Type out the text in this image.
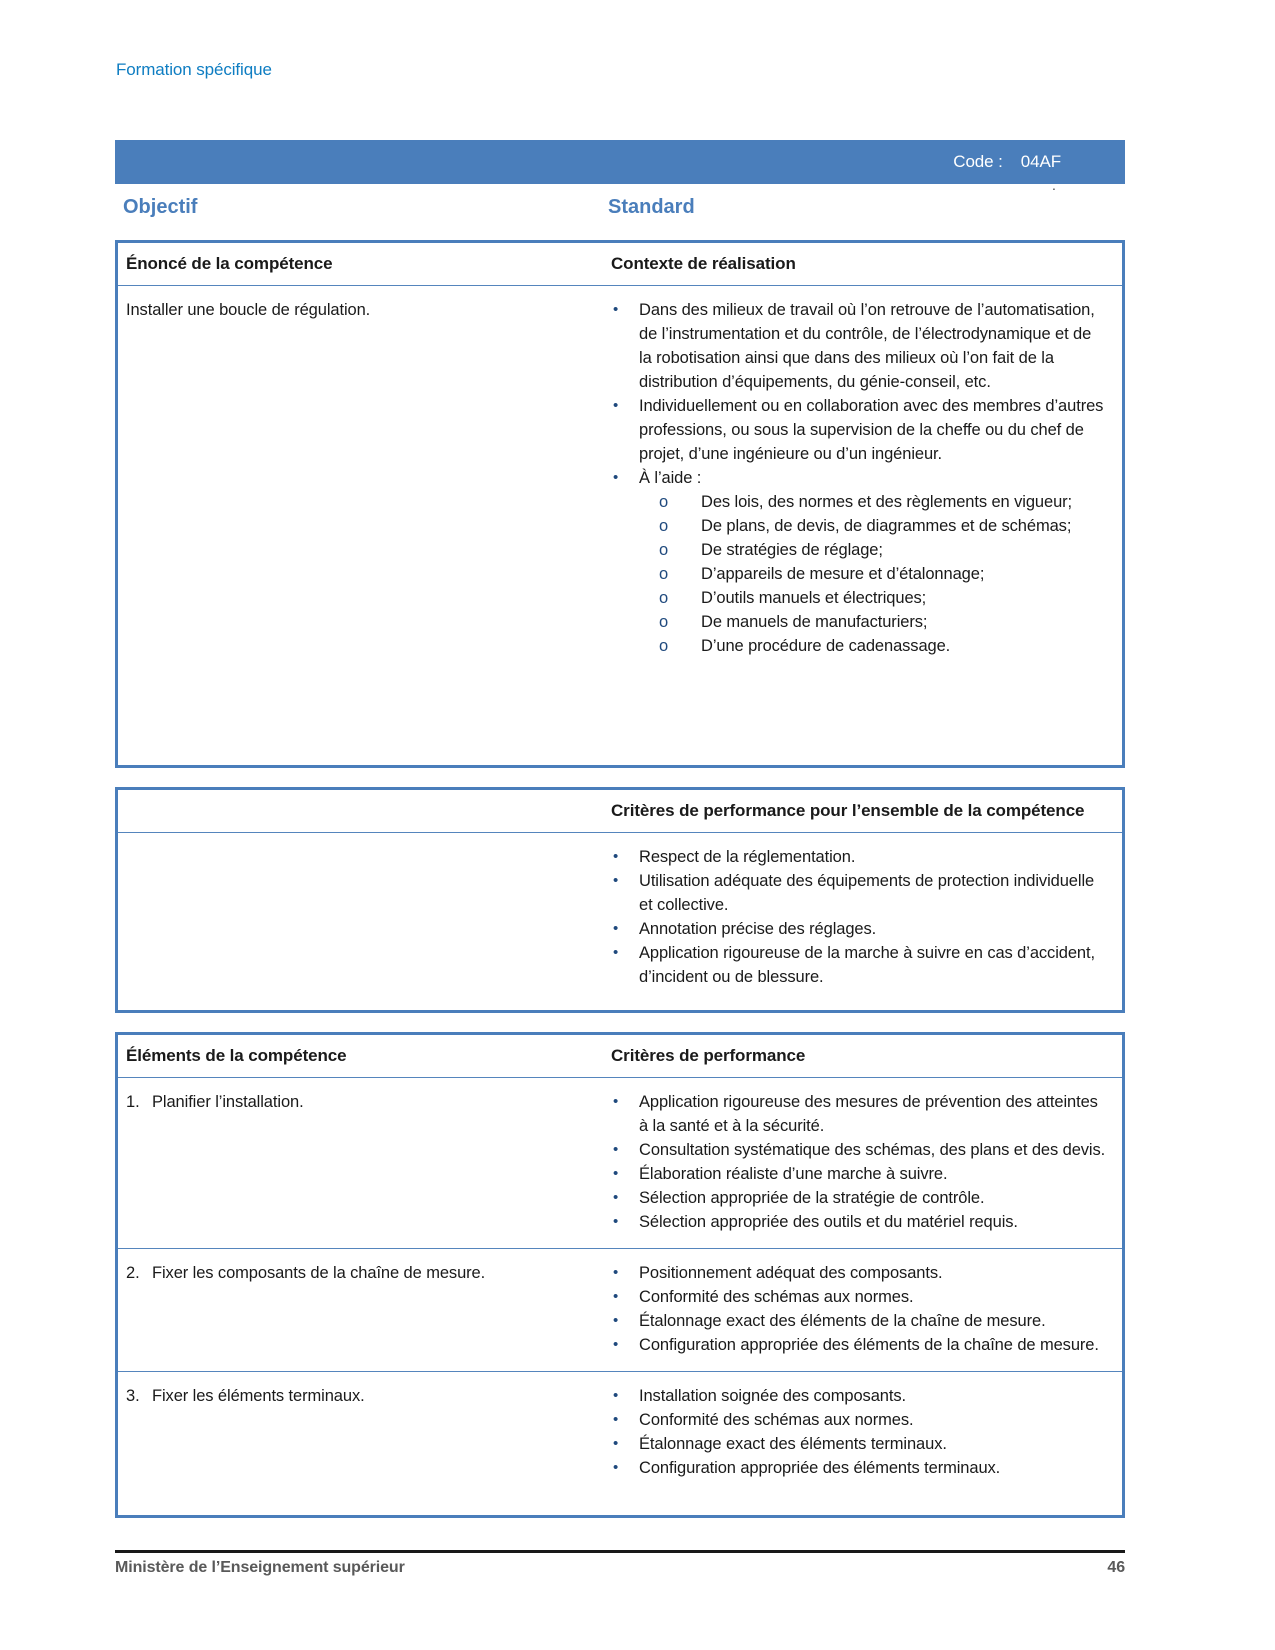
Formation spécifique
Code : 04AF
.
Objectif	Standard
Énoncé de la compétence	Contexte de réalisation
Installer une boucle de régulation.	•	Dans des milieux de travail où l’on retrouve de l’automatisation, de l’instrumentation et du contrôle, de l’électrodynamique et de la robotisation ainsi que dans des milieux où l’on fait de la distribution d’équipements, du génie-conseil, etc.
•	Individuellement ou en collaboration avec des membres d’autres professions, ou sous la supervision de la cheffe ou du chef de projet, d’une ingénieure ou d’un ingénieur.
•	À l’aide :
o	Des lois, des normes et des règlements en vigueur;
o	De plans, de devis, de diagrammes et de schémas;
o	De stratégies de réglage;
o	D’appareils de mesure et d’étalonnage;
o	D’outils manuels et électriques;
o	De manuels de manufacturiers;
o	D’une procédure de cadenassage.
Critères de performance pour l’ensemble de la compétence
•	Respect de la réglementation.
•	Utilisation adéquate des équipements de protection individuelle et collective.
•	Annotation précise des réglages.
•	Application rigoureuse de la marche à suivre en cas d’accident, d’incident ou de blessure.
Éléments de la compétence	Critères de performance
1. Planifier l’installation.	•	Application rigoureuse des mesures de prévention des atteintes à la santé et à la sécurité.
•	Consultation systématique des schémas, des plans et des devis.
•	Élaboration réaliste d’une marche à suivre.
•	Sélection appropriée de la stratégie de contrôle.
•	Sélection appropriée des outils et du matériel requis.
2. Fixer les composants de la chaîne de mesure.	•	Positionnement adéquat des composants.
•	Conformité des schémas aux normes.
•	Étalonnage exact des éléments de la chaîne de mesure.
•	Configuration appropriée des éléments de la chaîne de mesure.
3. Fixer les éléments terminaux.	•	Installation soignée des composants.
•	Conformité des schémas aux normes.
•	Étalonnage exact des éléments terminaux.
•	Configuration appropriée des éléments terminaux.
Ministère de l’Enseignement supérieur	46
